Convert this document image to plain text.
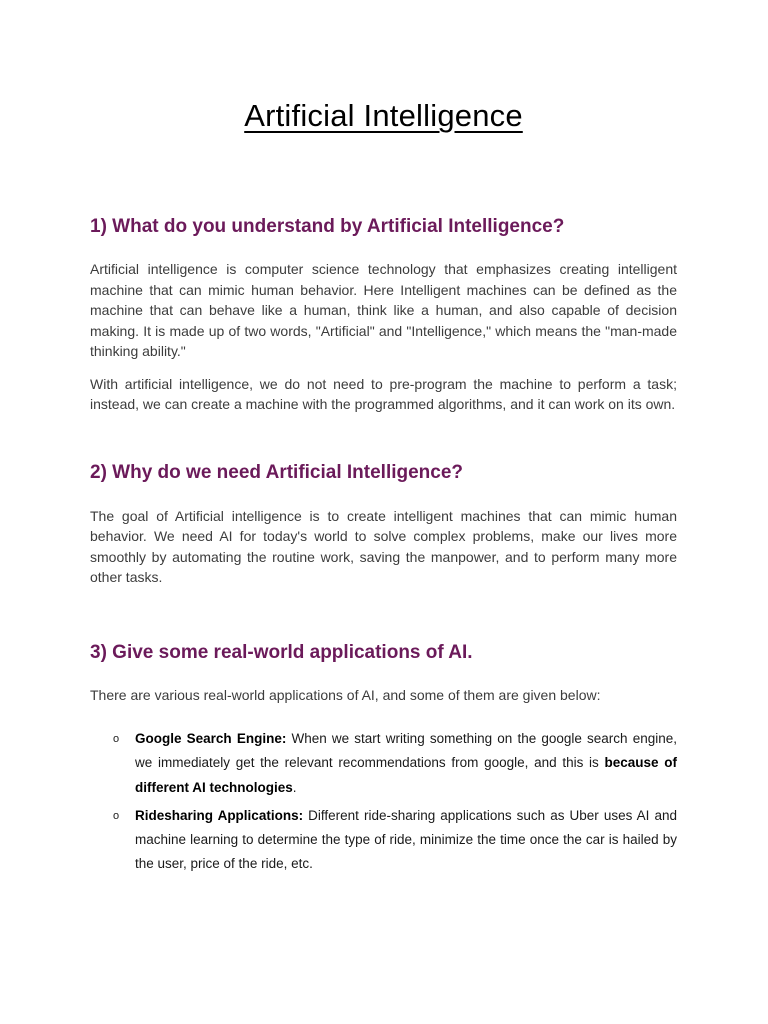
Artificial Intelligence
1) What do you understand by Artificial Intelligence?

Artificial intelligence is computer science technology that emphasizes creating intelligent machine that can mimic human behavior. Here Intelligent machines can be defined as the machine that can behave like a human, think like a human, and also capable of decision making. It is made up of two words, "Artificial" and "Intelligence," which means the "man-made thinking ability."

With artificial intelligence, we do not need to pre-program the machine to perform a task; instead, we can create a machine with the programmed algorithms, and it can work on its own.

2) Why do we need Artificial Intelligence?

The goal of Artificial intelligence is to create intelligent machines that can mimic human behavior. We need AI for today's world to solve complex problems, make our lives more smoothly by automating the routine work, saving the manpower, and to perform many more other tasks.

3) Give some real-world applications of AI.

There are various real-world applications of AI, and some of them are given below:

o Google Search Engine: When we start writing something on the google search engine, we immediately get the relevant recommendations from google, and this is because of different AI technologies.
o Ridesharing Applications: Different ride-sharing applications such as Uber uses AI and machine learning to determine the type of ride, minimize the time once the car is hailed by the user, price of the ride, etc.
